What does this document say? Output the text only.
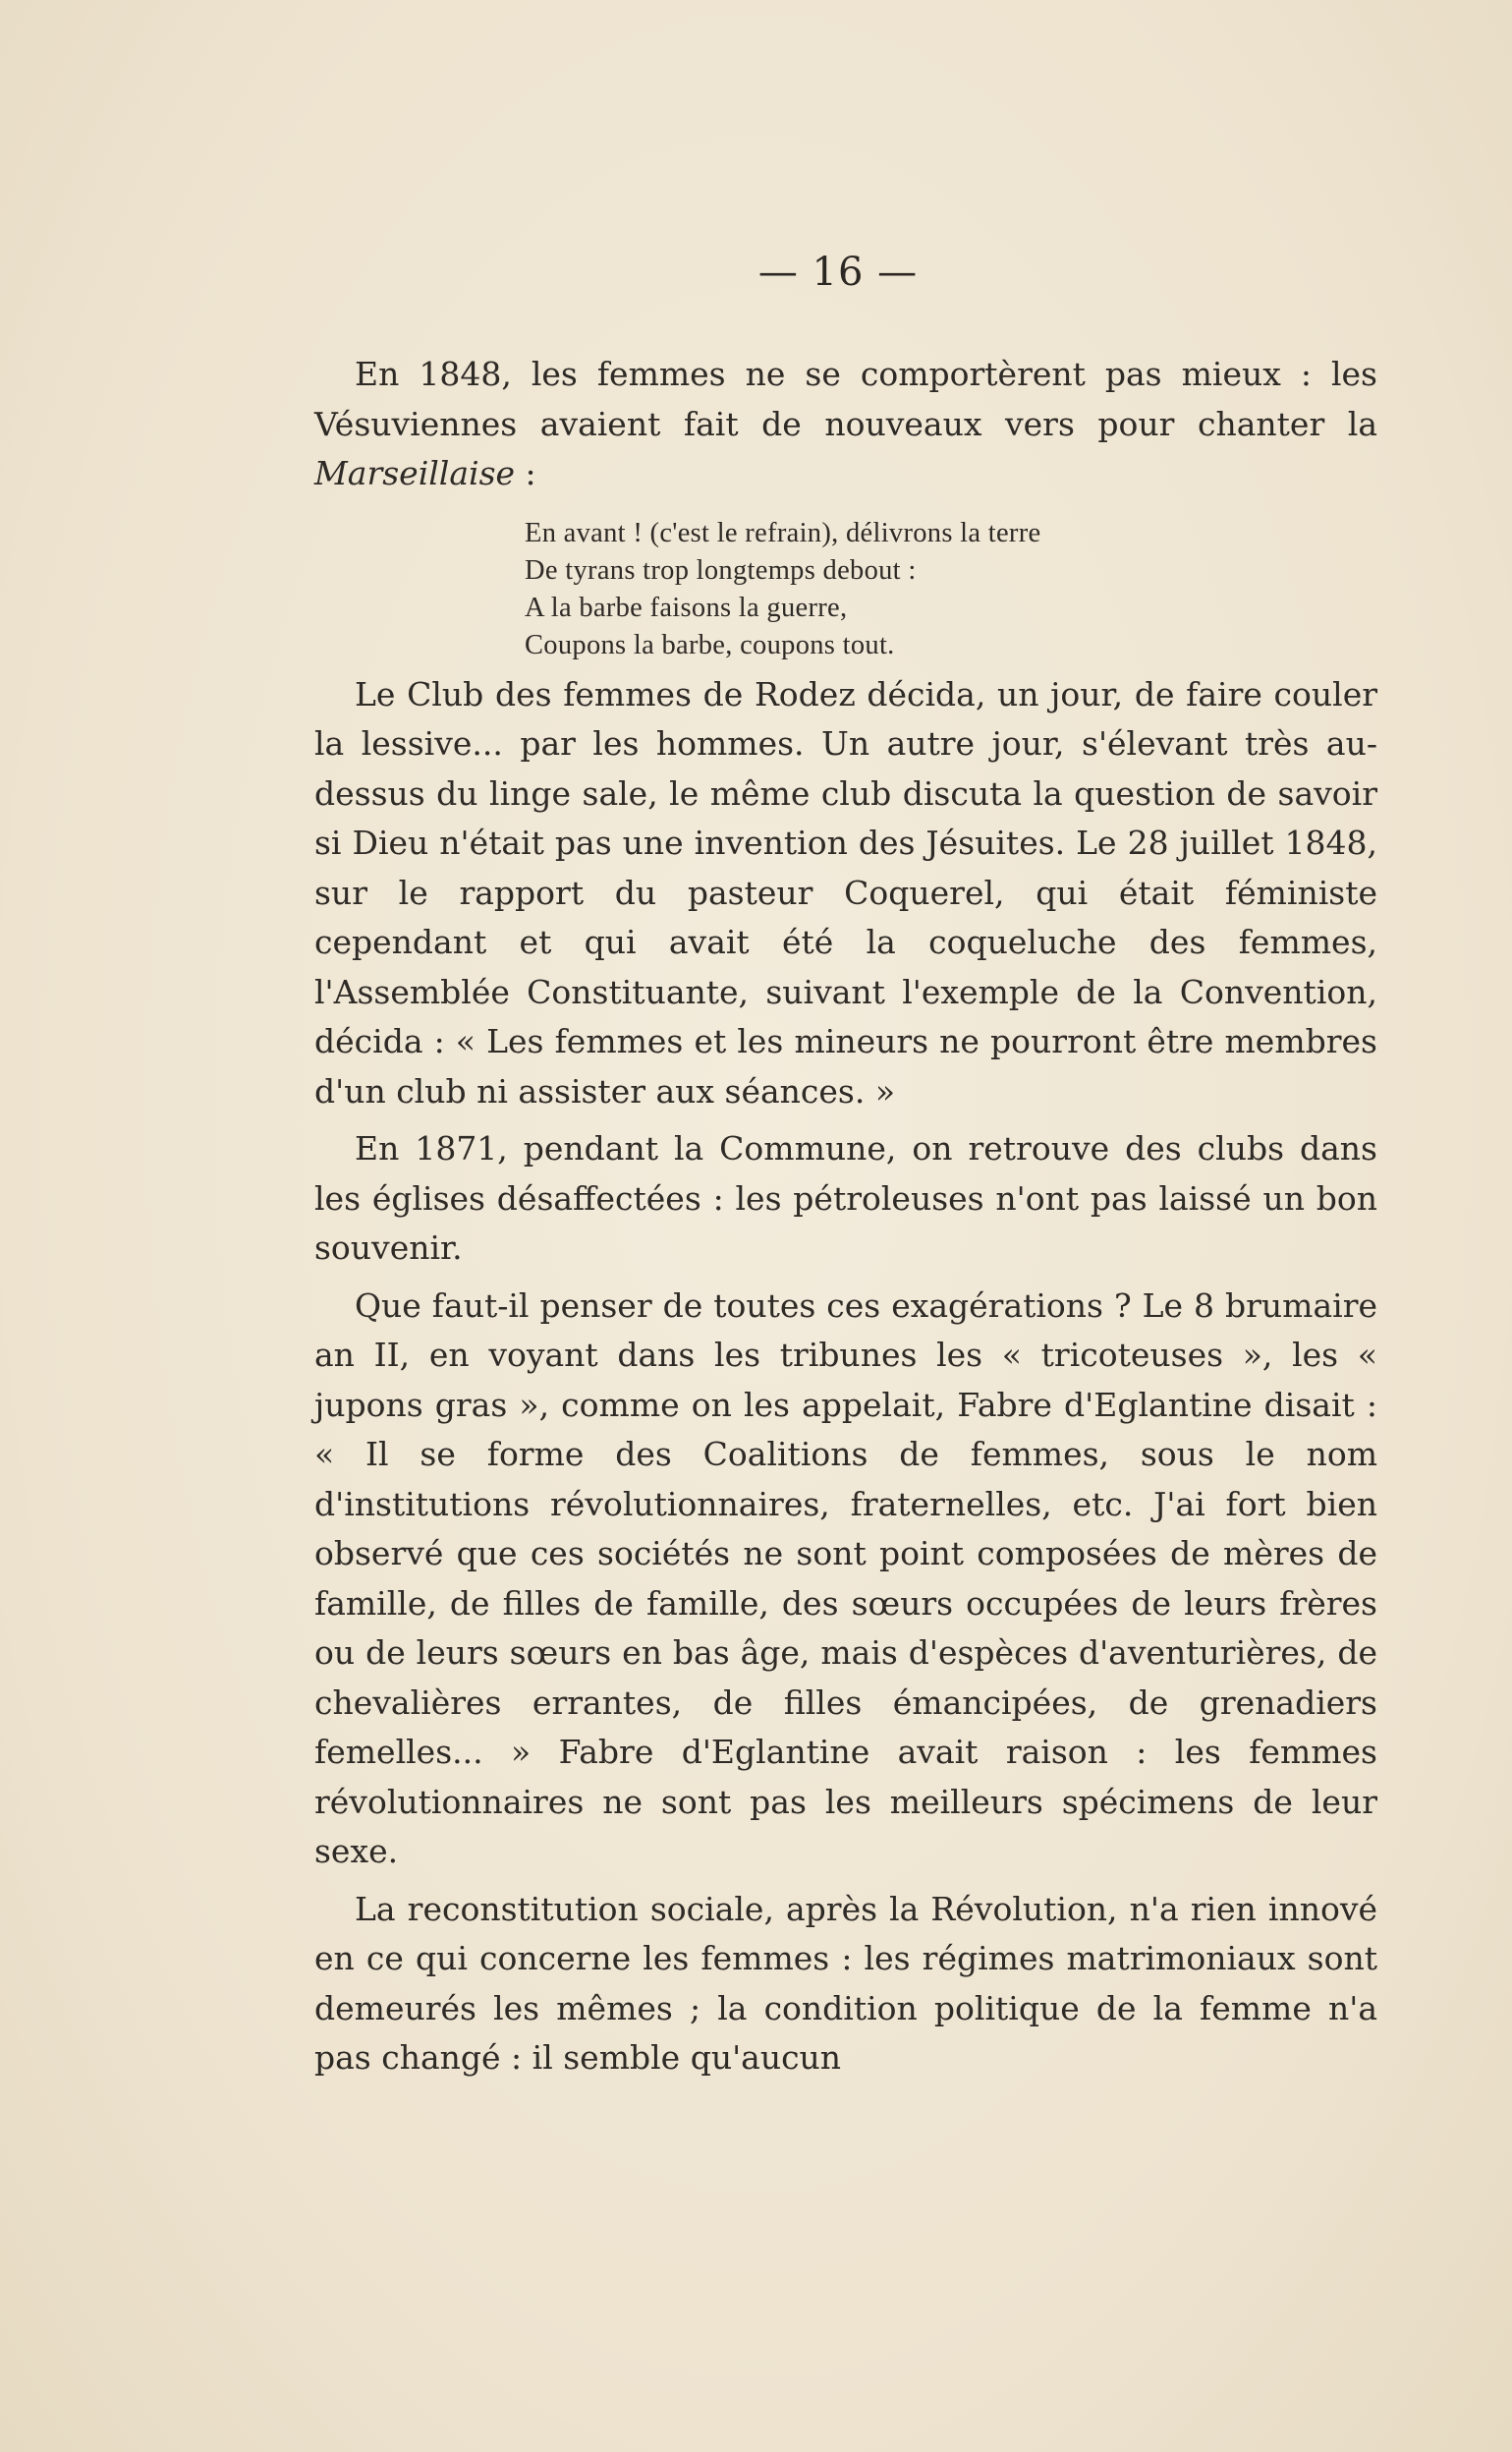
— 16 —

En 1848, les femmes ne se comportèrent pas mieux : les Vésuviennes avaient fait de nouveaux vers pour chanter la Marseillaise :

En avant ! (c'est le refrain), délivrons la terre
De tyrans trop longtemps debout :
A la barbe faisons la guerre,
Coupons la barbe, coupons tout.

Le Club des femmes de Rodez décida, un jour, de faire couler la lessive... par les hommes. Un autre jour, s'élevant très au-dessus du linge sale, le même club discuta la question de savoir si Dieu n'était pas une invention des Jésuites. Le 28 juillet 1848, sur le rapport du pasteur Coquerel, qui était féministe cependant et qui avait été la coqueluche des femmes, l'Assemblée Constituante, suivant l'exemple de la Convention, décida : « Les femmes et les mineurs ne pourront être membres d'un club ni assister aux séances. »

En 1871, pendant la Commune, on retrouve des clubs dans les églises désaffectées : les pétroleuses n'ont pas laissé un bon souvenir.

Que faut-il penser de toutes ces exagérations ? Le 8 brumaire an II, en voyant dans les tribunes les « tricoteuses », les « jupons gras », comme on les appelait, Fabre d'Eglantine disait : « Il se forme des Coalitions de femmes, sous le nom d'institutions révolutionnaires, fraternelles, etc. J'ai fort bien observé que ces sociétés ne sont point composées de mères de famille, de filles de famille, des sœurs occupées de leurs frères ou de leurs sœurs en bas âge, mais d'espèces d'aventurières, de chevalières errantes, de filles émancipées, de grenadiers femelles... » Fabre d'Eglantine avait raison : les femmes révolutionnaires ne sont pas les meilleurs spécimens de leur sexe.

La reconstitution sociale, après la Révolution, n'a rien innové en ce qui concerne les femmes : les régimes matrimoniaux sont demeurés les mêmes ; la condition politique de la femme n'a pas changé : il semble qu'aucun
